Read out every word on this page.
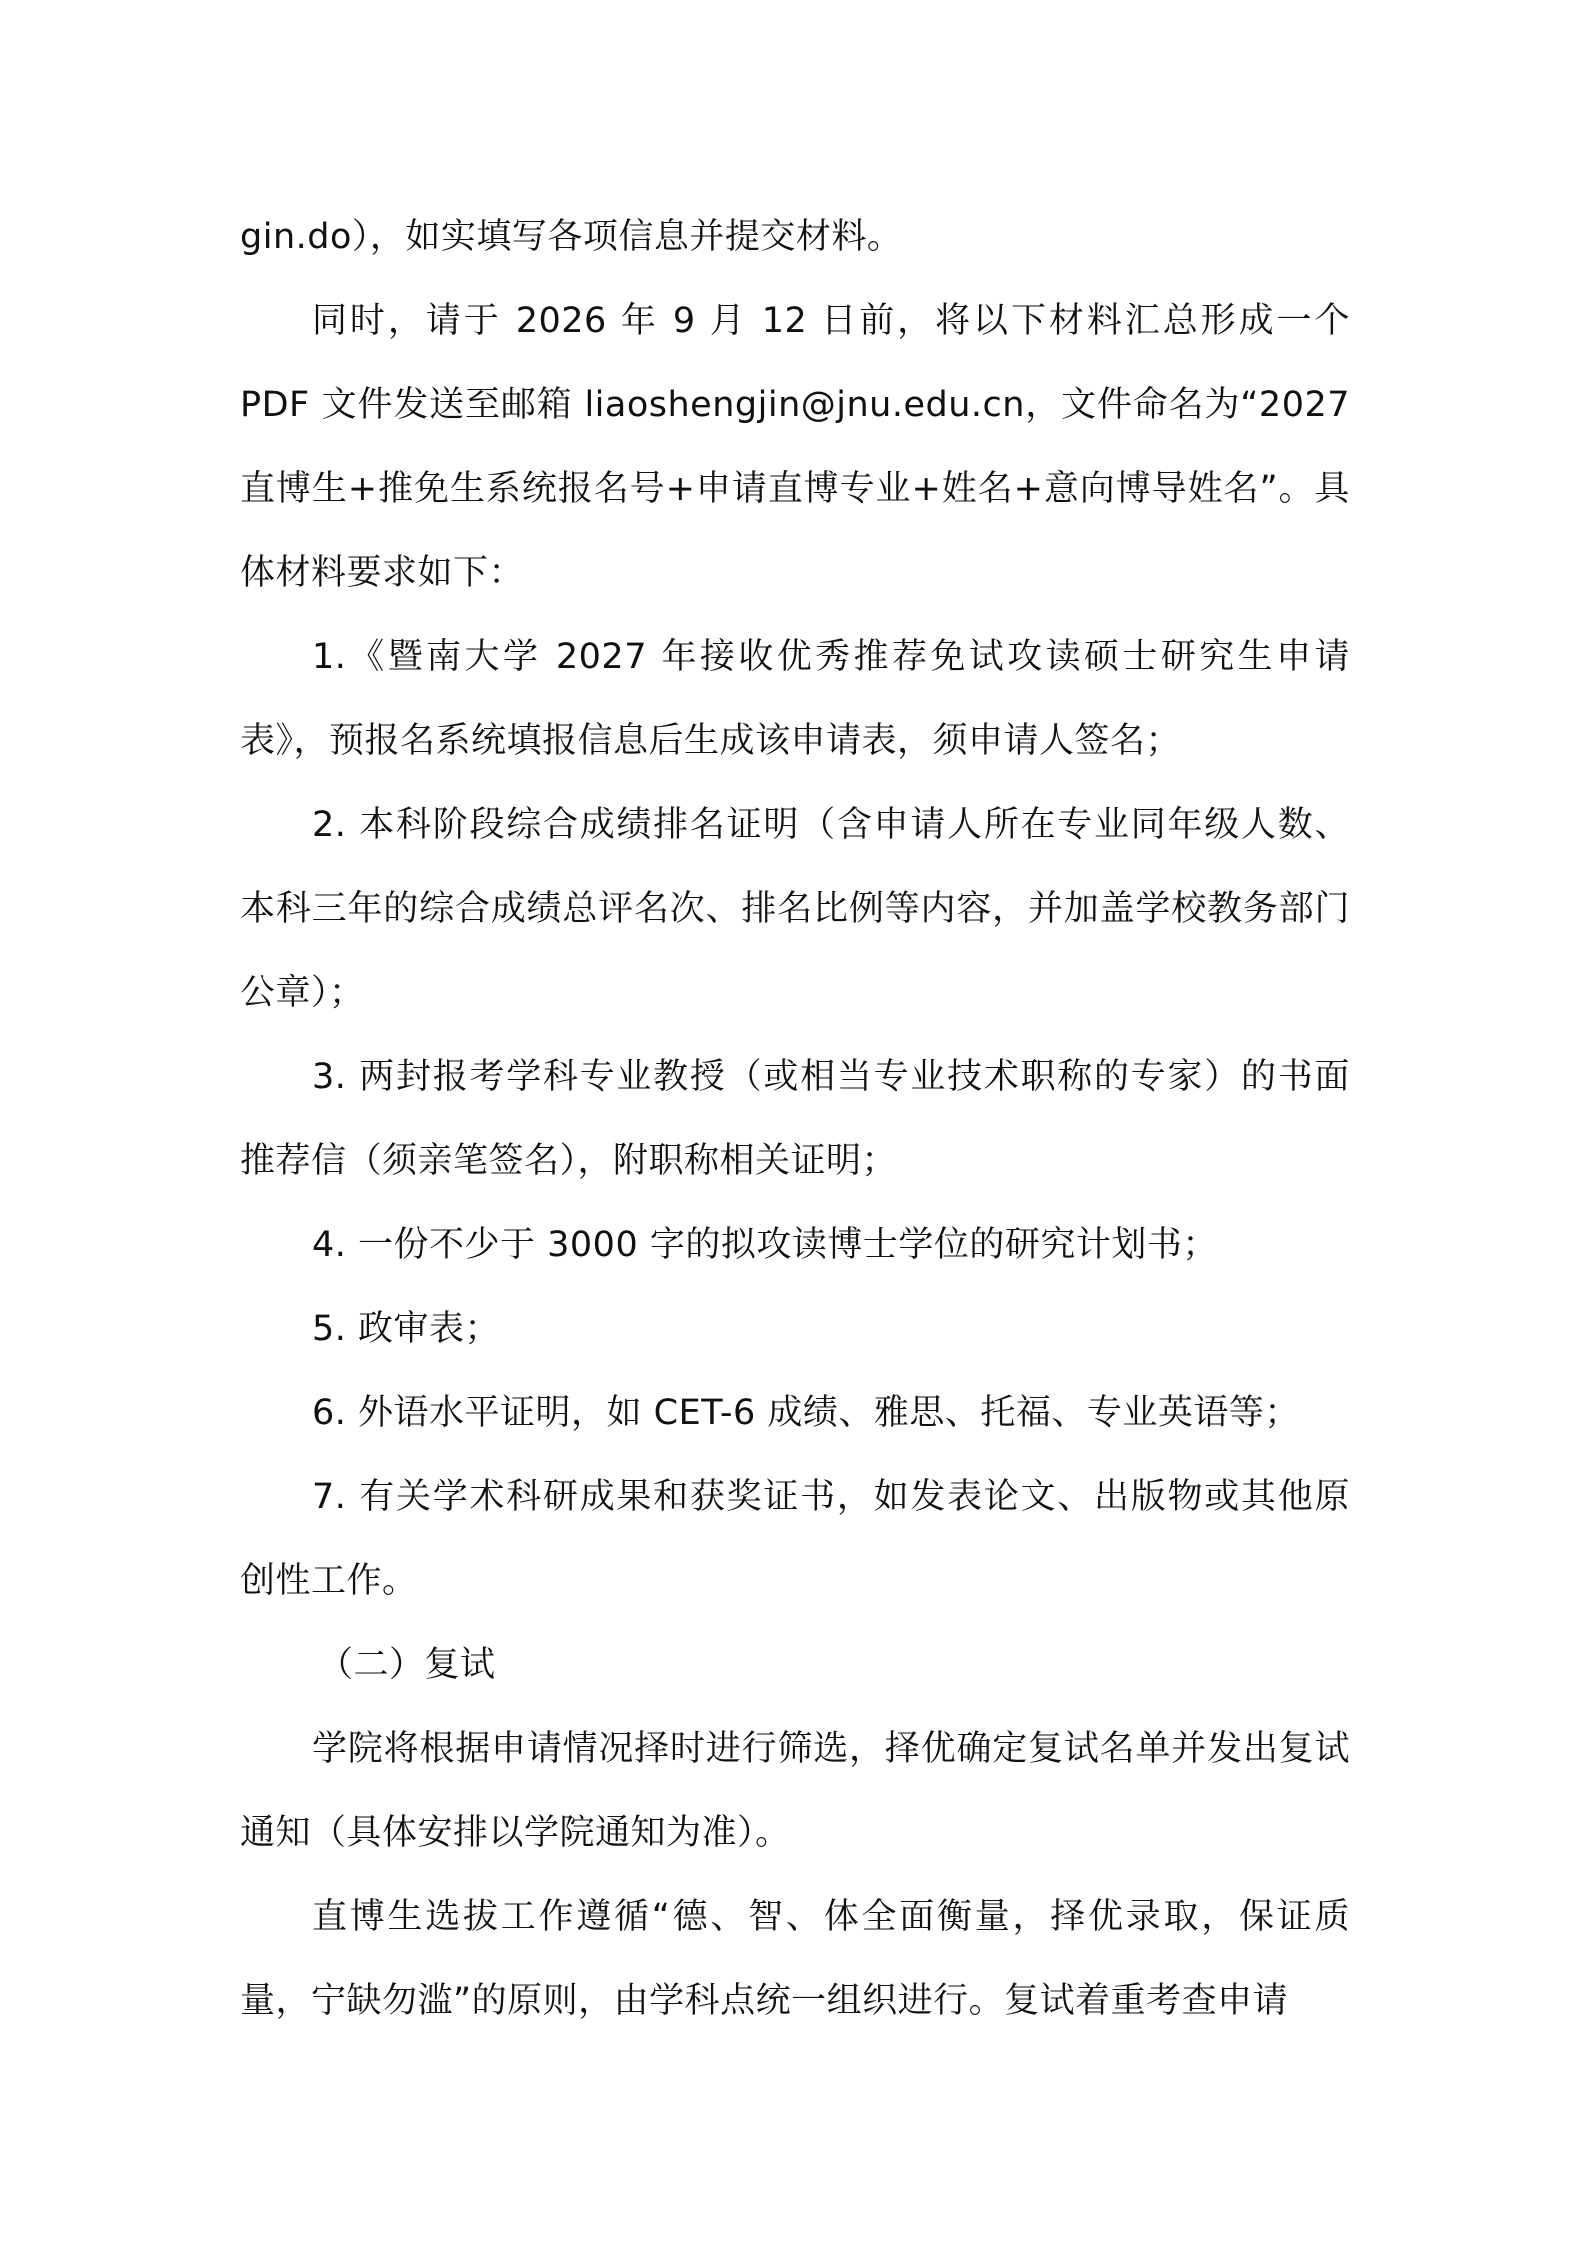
gin.do），如实填写各项信息并提交材料。

同时，请于 2026 年 9 月 12 日前，将以下材料汇总形成一个 PDF 文件发送至邮箱 liaoshengjin@jnu.edu.cn，文件命名为“2027 直博生+推免生系统报名号+申请直博专业+姓名+意向博导姓名”。具体材料要求如下：

1.《暨南大学 2027 年接收优秀推荐免试攻读硕士研究生申请表》，预报名系统填报信息后生成该申请表，须申请人签名；

2. 本科阶段综合成绩排名证明（含申请人所在专业同年级人数、本科三年的综合成绩总评名次、排名比例等内容，并加盖学校教务部门公章）；

3. 两封报考学科专业教授（或相当专业技术职称的专家）的书面推荐信（须亲笔签名），附职称相关证明；

4. 一份不少于 3000 字的拟攻读博士学位的研究计划书；

5. 政审表；

6. 外语水平证明，如 CET-6 成绩、雅思、托福、专业英语等；

7. 有关学术科研成果和获奖证书，如发表论文、出版物或其他原创性工作。

（二）复试

学院将根据申请情况择时进行筛选，择优确定复试名单并发出复试通知（具体安排以学院通知为准）。

直博生选拔工作遵循“德、智、体全面衡量，择优录取，保证质量，宁缺勿滥”的原则，由学科点统一组织进行。复试着重考查申请
